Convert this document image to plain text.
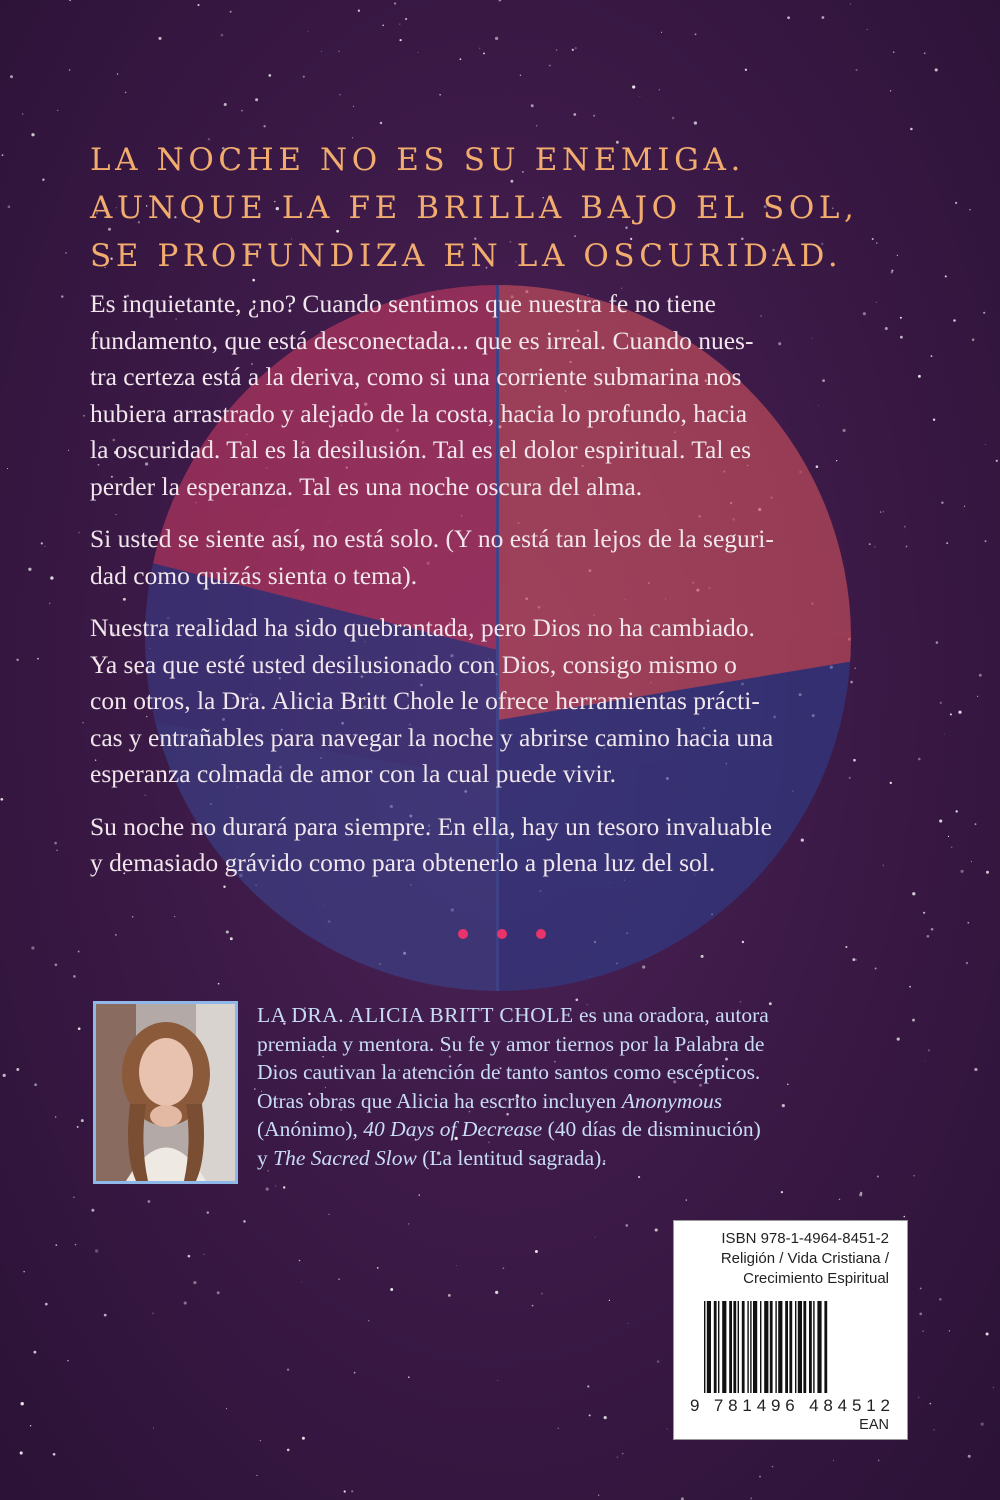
LA NOCHE NO ES SU ENEMIGA.
AUNQUE LA FE BRILLA BAJO EL SOL,
SE PROFUNDIZA EN LA OSCURIDAD.

Es inquietante, ¿no? Cuando sentimos que nuestra fe no tiene
fundamento, que está desconectada... que es irreal. Cuando nues-
tra certeza está a la deriva, como si una corriente submarina nos
hubiera arrastrado y alejado de la costa, hacia lo profundo, hacia
la oscuridad. Tal es la desilusión. Tal es el dolor espiritual. Tal es
perder la esperanza. Tal es una noche oscura del alma.

Si usted se siente así, no está solo. (Y no está tan lejos de la seguri-
dad como quizás sienta o tema).

Nuestra realidad ha sido quebrantada, pero Dios no ha cambiado.
Ya sea que esté usted desilusionado con Dios, consigo mismo o
con otros, la Dra. Alicia Britt Chole le ofrece herramientas prácti-
cas y entrañables para navegar la noche y abrirse camino hacia una
esperanza colmada de amor con la cual puede vivir.

Su noche no durará para siempre. En ella, hay un tesoro invaluable
y demasiado grávido como para obtenerlo a plena luz del sol.

LA DRA. ALICIA BRITT CHOLE es una oradora, autora
premiada y mentora. Su fe y amor tiernos por la Palabra de
Dios cautivan la atención de tanto santos como escépticos.
Otras obras que Alicia ha escrito incluyen Anonymous
(Anónimo), 40 Days of Decrease (40 días de disminución)
y The Sacred Slow (La lentitud sagrada).
ISBN 978-1-4964-8451-2
Religión / Vida Cristiana /
Crecimiento Espiritual
9 781496 484512
EAN
